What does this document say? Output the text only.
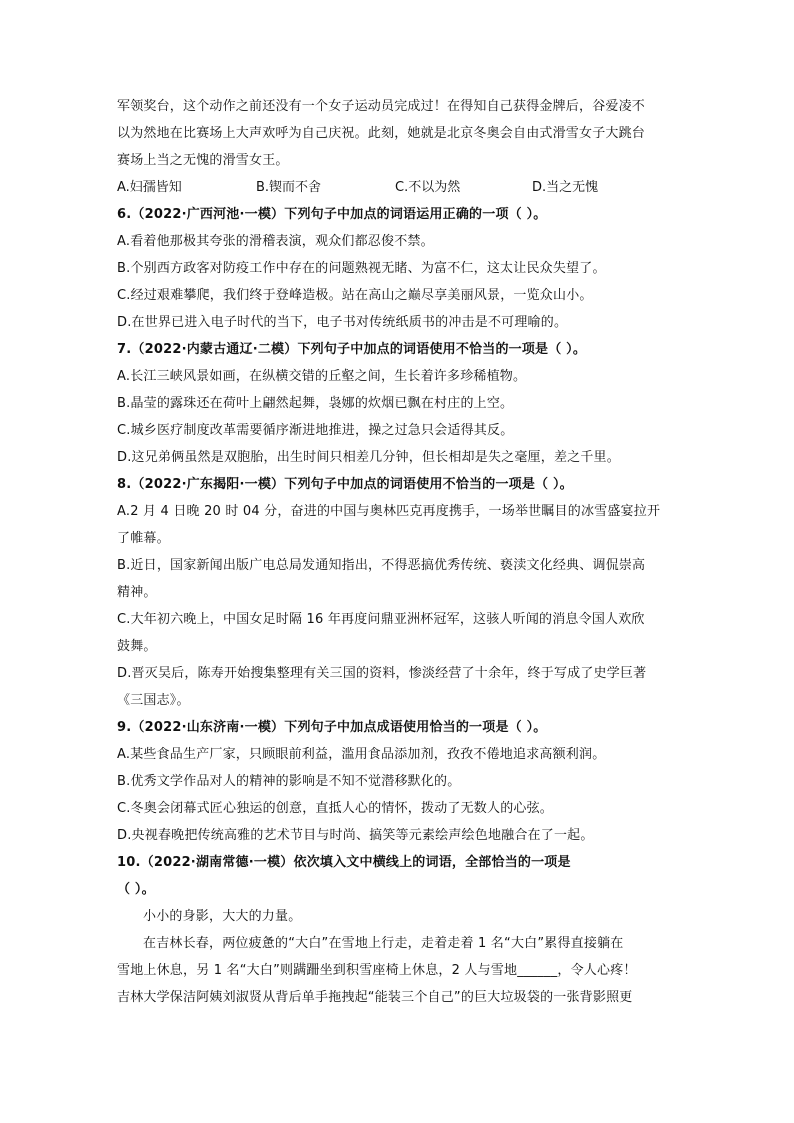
军领奖台，这个动作之前还没有一个女子运动员完成过！在得知自己获得金牌后，谷爱凌不
以为然地在比赛场上大声欢呼为自己庆祝。此刻，她就是北京冬奥会自由式滑雪女子大跳台
赛场上当之无愧的滑雪女王。
A.妇孺皆知	B.锲而不舍	C.不以为然	D.当之无愧
6.（2022·广西河池·一模）下列句子中加点的词语运用正确的一项（ ）。
A.看着他那极其夸张的滑稽表演，观众们都忍俊不禁。
B.个别西方政客对防疫工作中存在的问题熟视无睹、为富不仁，这太让民众失望了。
C.经过艰难攀爬，我们终于登峰造极。站在高山之巅尽享美丽风景，一览众山小。
D.在世界已进入电子时代的当下，电子书对传统纸质书的冲击是不可理喻的。
7.（2022·内蒙古通辽·二模）下列句子中加点的词语使用不恰当的一项是（ ）。
A.长江三峡风景如画，在纵横交错的丘壑之间，生长着许多珍稀植物。
B.晶莹的露珠还在荷叶上翩然起舞，袅娜的炊烟已飘在村庄的上空。
C.城乡医疗制度改革需要循序渐进地推进，操之过急只会适得其反。
D.这兄弟俩虽然是双胞胎，出生时间只相差几分钟，但长相却是失之毫厘，差之千里。
8.（2022·广东揭阳·一模）下列句子中加点的词语使用不恰当的一项是（ ）。
A.2 月 4 日晚 20 时 04 分，奋进的中国与奥林匹克再度携手，一场举世瞩目的冰雪盛宴拉开
了帷幕。
B.近日，国家新闻出版广电总局发通知指出，不得恶搞优秀传统、亵渎文化经典、调侃崇高
精神。
C.大年初六晚上，中国女足时隔 16 年再度问鼎亚洲杯冠军，这骇人听闻的消息令国人欢欣
鼓舞。
D.晋灭吴后，陈寿开始搜集整理有关三国的资料，惨淡经营了十余年，终于写成了史学巨著
《三国志》。
9.（2022·山东济南·一模）下列句子中加点成语使用恰当的一项是（ ）。
A.某些食品生产厂家，只顾眼前利益，滥用食品添加剂，孜孜不倦地追求高额利润。
B.优秀文学作品对人的精神的影响是不知不觉潜移默化的。
C.冬奥会闭幕式匠心独运的创意，直抵人心的情怀，拨动了无数人的心弦。
D.央视春晚把传统高雅的艺术节目与时尚、搞笑等元素绘声绘色地融合在了一起。
10.（2022·湖南常德·一模）依次填入文中横线上的词语，全部恰当的一项是
（ ）。
小小的身影，大大的力量。
在吉林长春，两位疲惫的“大白”在雪地上行走，走着走着 1 名“大白”累得直接躺在
雪地上休息，另 1 名“大白”则蹒跚坐到积雪座椅上休息，2 人与雪地______，令人心疼！
吉林大学保洁阿姨刘淑贤从背后单手拖拽起“能装三个自己”的巨大垃圾袋的一张背影照更
